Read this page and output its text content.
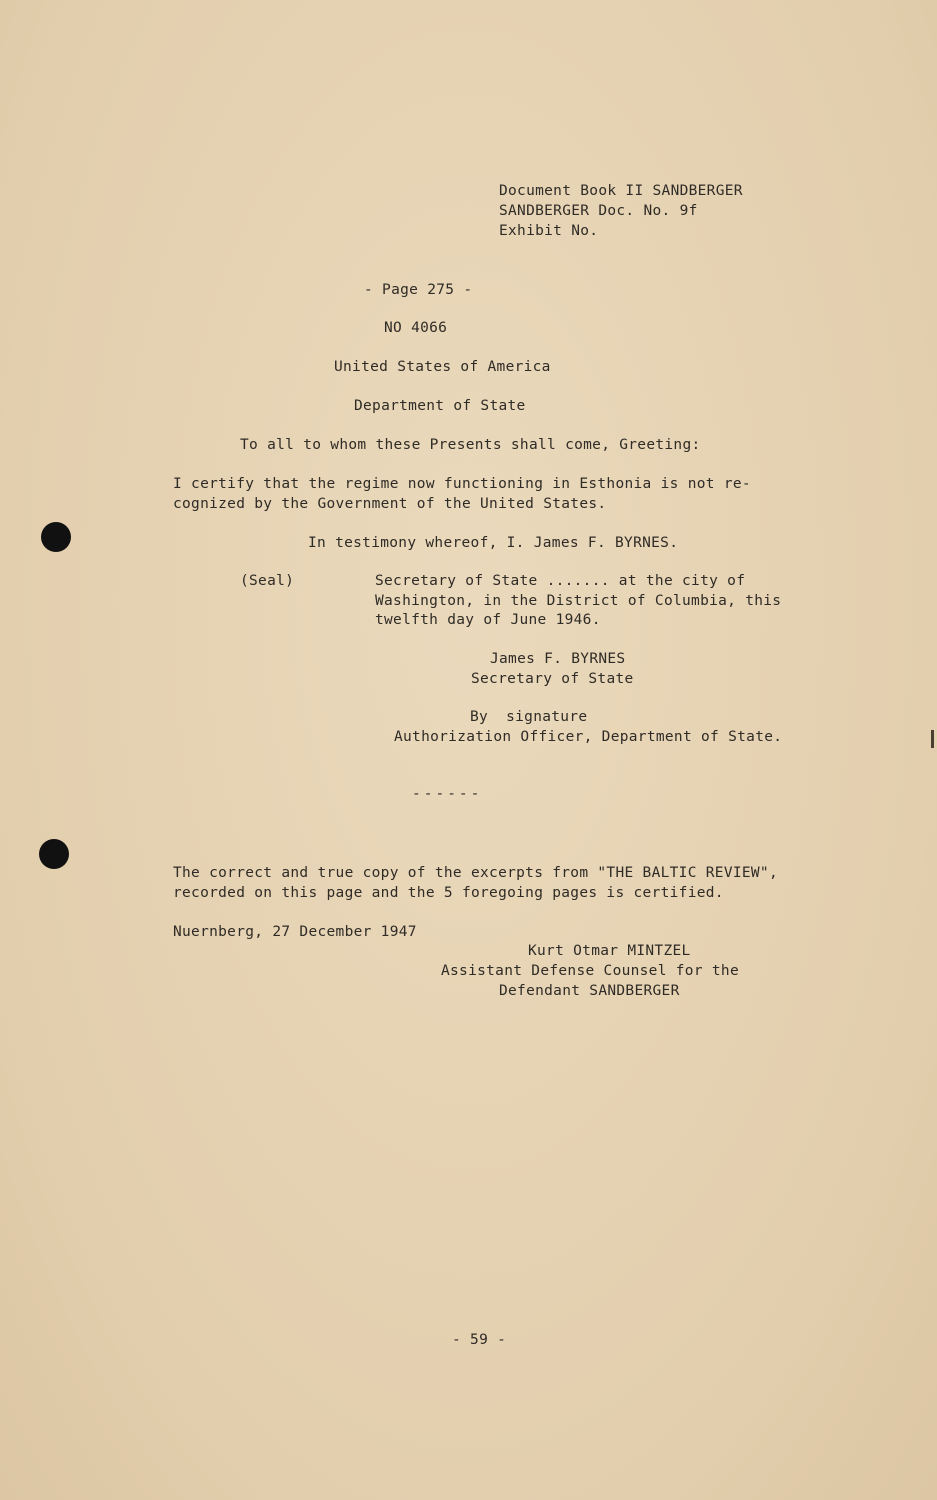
Document Book II SANDBERGER
SANDBERGER Doc. No. 9f
Exhibit No.
- Page 275 -
NO 4066
United States of America
Department of State
To all to whom these Presents shall come, Greeting:
I certify that the regime now functioning in Esthonia is not re-
cognized by the Government of the United States.
In testimony whereof, I. James F. BYRNES.
(Seal)	Secretary of State ....... at the city of
Washington, in the District of Columbia, this
twelfth day of June 1946.
James F. BYRNES
Secretary of State
By  signature
Authorization Officer, Department of State.
------
The correct and true copy of the excerpts from "THE BALTIC REVIEW",
recorded on this page and the 5 foregoing pages is certified.
Nuernberg, 27 December 1947
Kurt Otmar MINTZEL
Assistant Defense Counsel for the
Defendant SANDBERGER
- 59 -
